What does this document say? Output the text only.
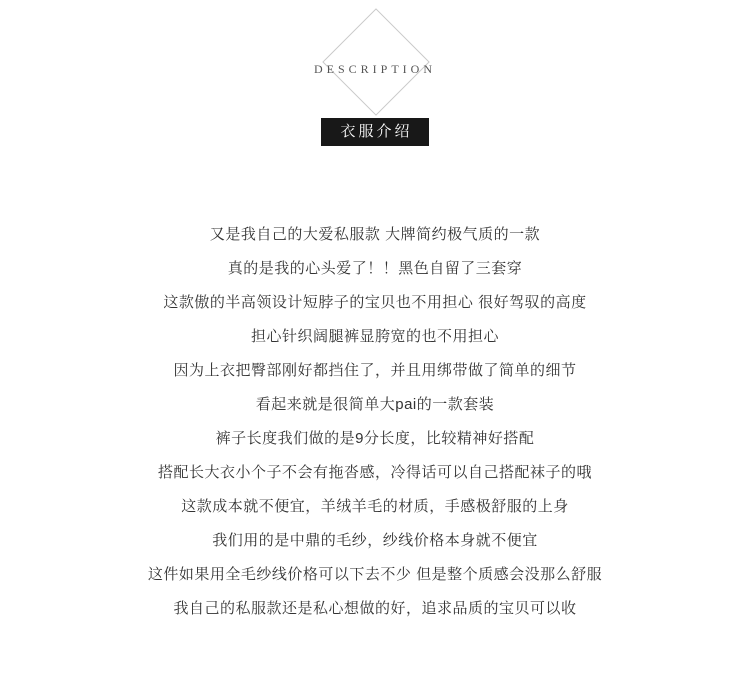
DESCRIPTION
衣服介绍
又是我自己的大爱私服款 大牌简约极气质的一款
真的是我的心头爱了！！黑色自留了三套穿
这款傲的半高领设计短脖子的宝贝也不用担心 很好驾驭的高度
担心针织阔腿裤显胯宽的也不用担心
因为上衣把臀部刚好都挡住了，并且用绑带做了简单的细节
看起来就是很简单大pai的一款套装
裤子长度我们做的是9分长度，比较精神好搭配
搭配长大衣小个子不会有拖沓感，冷得话可以自己搭配袜子的哦
这款成本就不便宜，羊绒羊毛的材质，手感极舒服的上身
我们用的是中鼎的毛纱，纱线价格本身就不便宜
这件如果用全毛纱线价格可以下去不少 但是整个质感会没那么舒服
我自己的私服款还是私心想做的好，追求品质的宝贝可以收
